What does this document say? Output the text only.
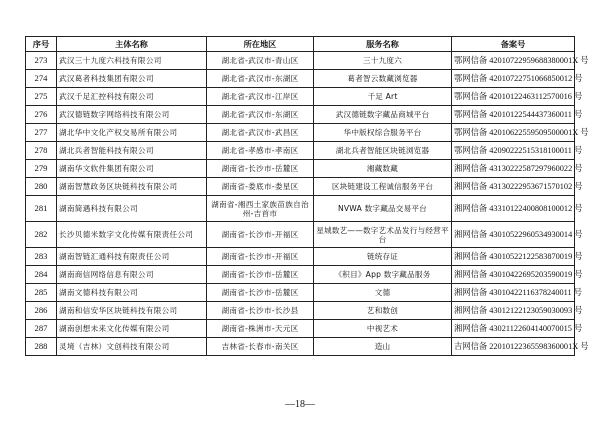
序号	主体名称	所在地区	服务名称	备案号
273	武汉三十九度六科技有限公司	湖北省-武汉市-青山区	三十九度六	鄂网信备 42010722959688380001X 号
274	武汉葛者科技集团有限公司	湖北省-武汉市-东湖区	葛者智云数藏浏览器	鄂网信备 42010722751066850012 号
275	武汉千足汇控科技有限公司	湖北省-武汉市-江岸区	千足 Art	鄂网信备 42010122463112570016 号
276	武汉德链数字网络科技有限公司	湖北省-武汉市-东湖区	武汉德链数字藏品商城平台	鄂网信备 42010122544437360011 号
277	湖北华中文化产权交易所有限公司	湖北省-武汉市-武昌区	华中版权综合服务平台	鄂网信备 42010622559509500001X 号
278	湖北兵者智能科技有限公司	湖北省-孝感市-孝南区	湖北兵者智能区块链浏览器	鄂网信备 42090222515318100011 号
279	湖南华文软件集团有限公司	湖南省-长沙市-岳麓区	湘藏数藏	湘网信备 43130222587297960022 号
280	湖南智慧政务区块链科技有限公司	湖南省-娄底市-娄星区	区块链建设工程诚信服务平台	湘网信备 43130222953671570102 号
281	湖南简遇科技有限公司	湖南省-湘西土家族苗族自治州-吉首市	NVWA 数字藏品交易平台	湘网信备 43310122400808100012 号
282	长沙贝德米数字文化传媒有限责任公司	湖南省-长沙市-开福区	星城数艺——数字艺术品发行与经营平台	湘网信备 43010522960534930014 号
283	湖南智链汇通科技有限责任公司	湖南省-长沙市-开福区	链统存证	湘网信备 43010522122583870019 号
284	湖南商信网络信息有限公司	湖南省-长沙市-岳麓区	《积目》App 数字藏品服务	湘网信备 43010422695203590019 号
285	湖南文德科技有限公司	湖南省-长沙市-岳麓区	文德	湘网信备 43010422116378240011 号
286	湖南和信安华区块链科技有限公司	湖南省-长沙市-长沙县	艺和数创	湘网信备 43012122123059030093 号
287	湖南创想未来文化传媒有限公司	湖南省-株洲市-天元区	中视艺术	湘网信备 43021122604140070015 号
288	灵境（吉林）文创科技有限公司	吉林省-长春市-南关区	造山	吉网信备 22010122365598360001X 号
—18—
